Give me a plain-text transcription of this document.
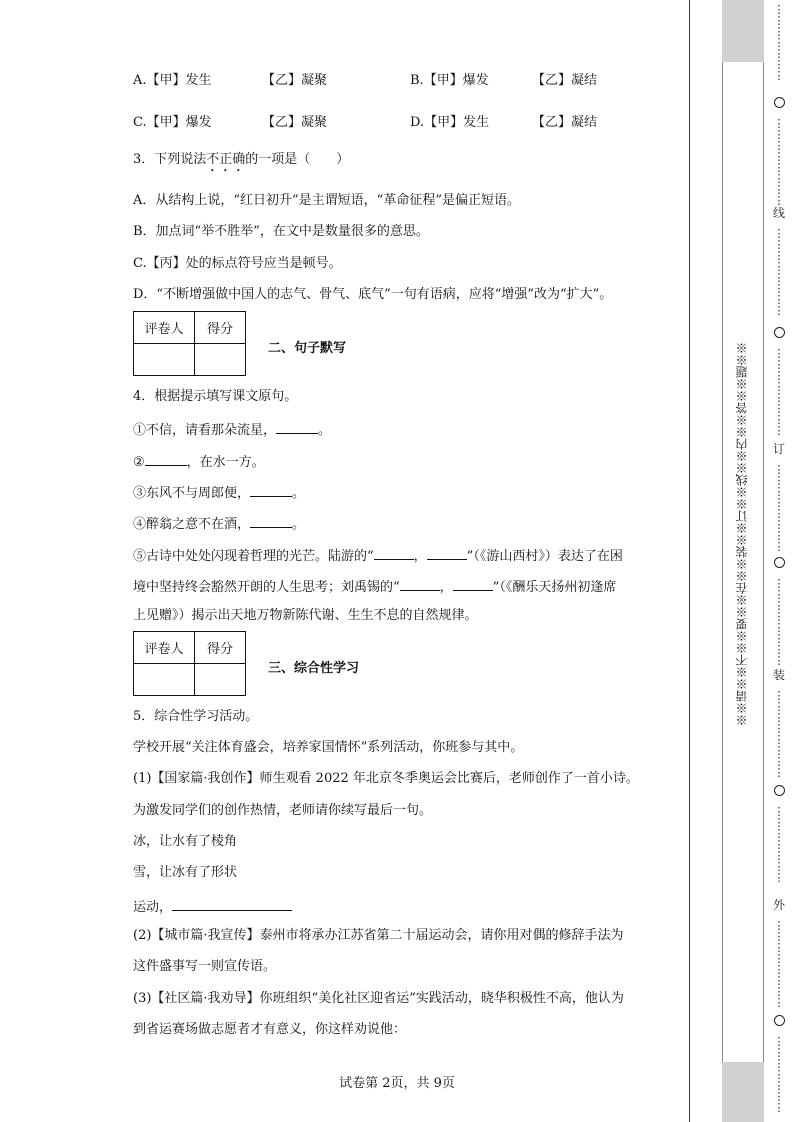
A.【甲】发生	【乙】凝聚	B.【甲】爆发	【乙】凝结
C.【甲】爆发	【乙】凝聚	D.【甲】发生	【乙】凝结
3．下列说法不正确的一项是（　　）
A．从结构上说，“红日初升”是主谓短语，“革命征程”是偏正短语。
B．加点词“举不胜举”，在文中是数量很多的意思。
C.【丙】处的标点符号应当是顿号。
D．“不断增强做中国人的志气、骨气、底气”一句有语病，应将“增强”改为“扩大”。
评卷人	得分

二、句子默写
4．根据提示填写课文原句。
①不信，请看那朵流星，	。
②	，在水一方。
③东风不与周郎便，	。
④醉翁之意不在酒，	。
⑤古诗中处处闪现着哲理的光芒。陆游的“	，	”（《游山西村》）表达了在困
境中坚持终会豁然开朗的人生思考；刘禹锡的“	，	”（《酬乐天扬州初逢席
上见赠》）揭示出天地万物新陈代谢、生生不息的自然规律。
评卷人	得分

三、综合性学习
5．综合性学习活动。
学校开展“关注体育盛会，培养家国情怀”系列活动，你班参与其中。
(1)【国家篇·我创作】师生观看 2022 年北京冬季奥运会比赛后，老师创作了一首小诗。
为激发同学们的创作热情，老师请你续写最后一句。
冰，让水有了棱角
雪，让冰有了形状
运动，
(2)【城市篇·我宣传】泰州市将承办江苏省第二十届运动会，请你用对偶的修辞手法为
这件盛事写一则宣传语。
(3)【社区篇·我劝导】你班组织“美化社区迎省运”实践活动，晓华积极性不高，他认为
到省运赛场做志愿者才有意义，你这样劝说他：
试卷第 2页，共 9页
※※请※※不※※要※※在※※装※※订※※线※※内※※答※※题※※
⋮
⋮
⋮
⋮
⋮
⋮
⋮
⋮
⋮
⋮
⋮
⋮
⋮
⋮
⋮
线
⋮
⋮
⋮
⋮
⋮
⋮
⋮
⋮
⋮
⋮
⋮
⋮
⋮
⋮
⋮
⋮
订
⋮
⋮
⋮
⋮
⋮
⋮
⋮
⋮
⋮
⋮
⋮
⋮
⋮
⋮
⋮
⋮
装
⋮
⋮
⋮
⋮
⋮
⋮
⋮
⋮
⋮
⋮
⋮
⋮
⋮
⋮
⋮
外
⋮
⋮
⋮
⋮
⋮
⋮
⋮
⋮
⋮
⋮
⋮
⋮
⋮
⋮
⋮
